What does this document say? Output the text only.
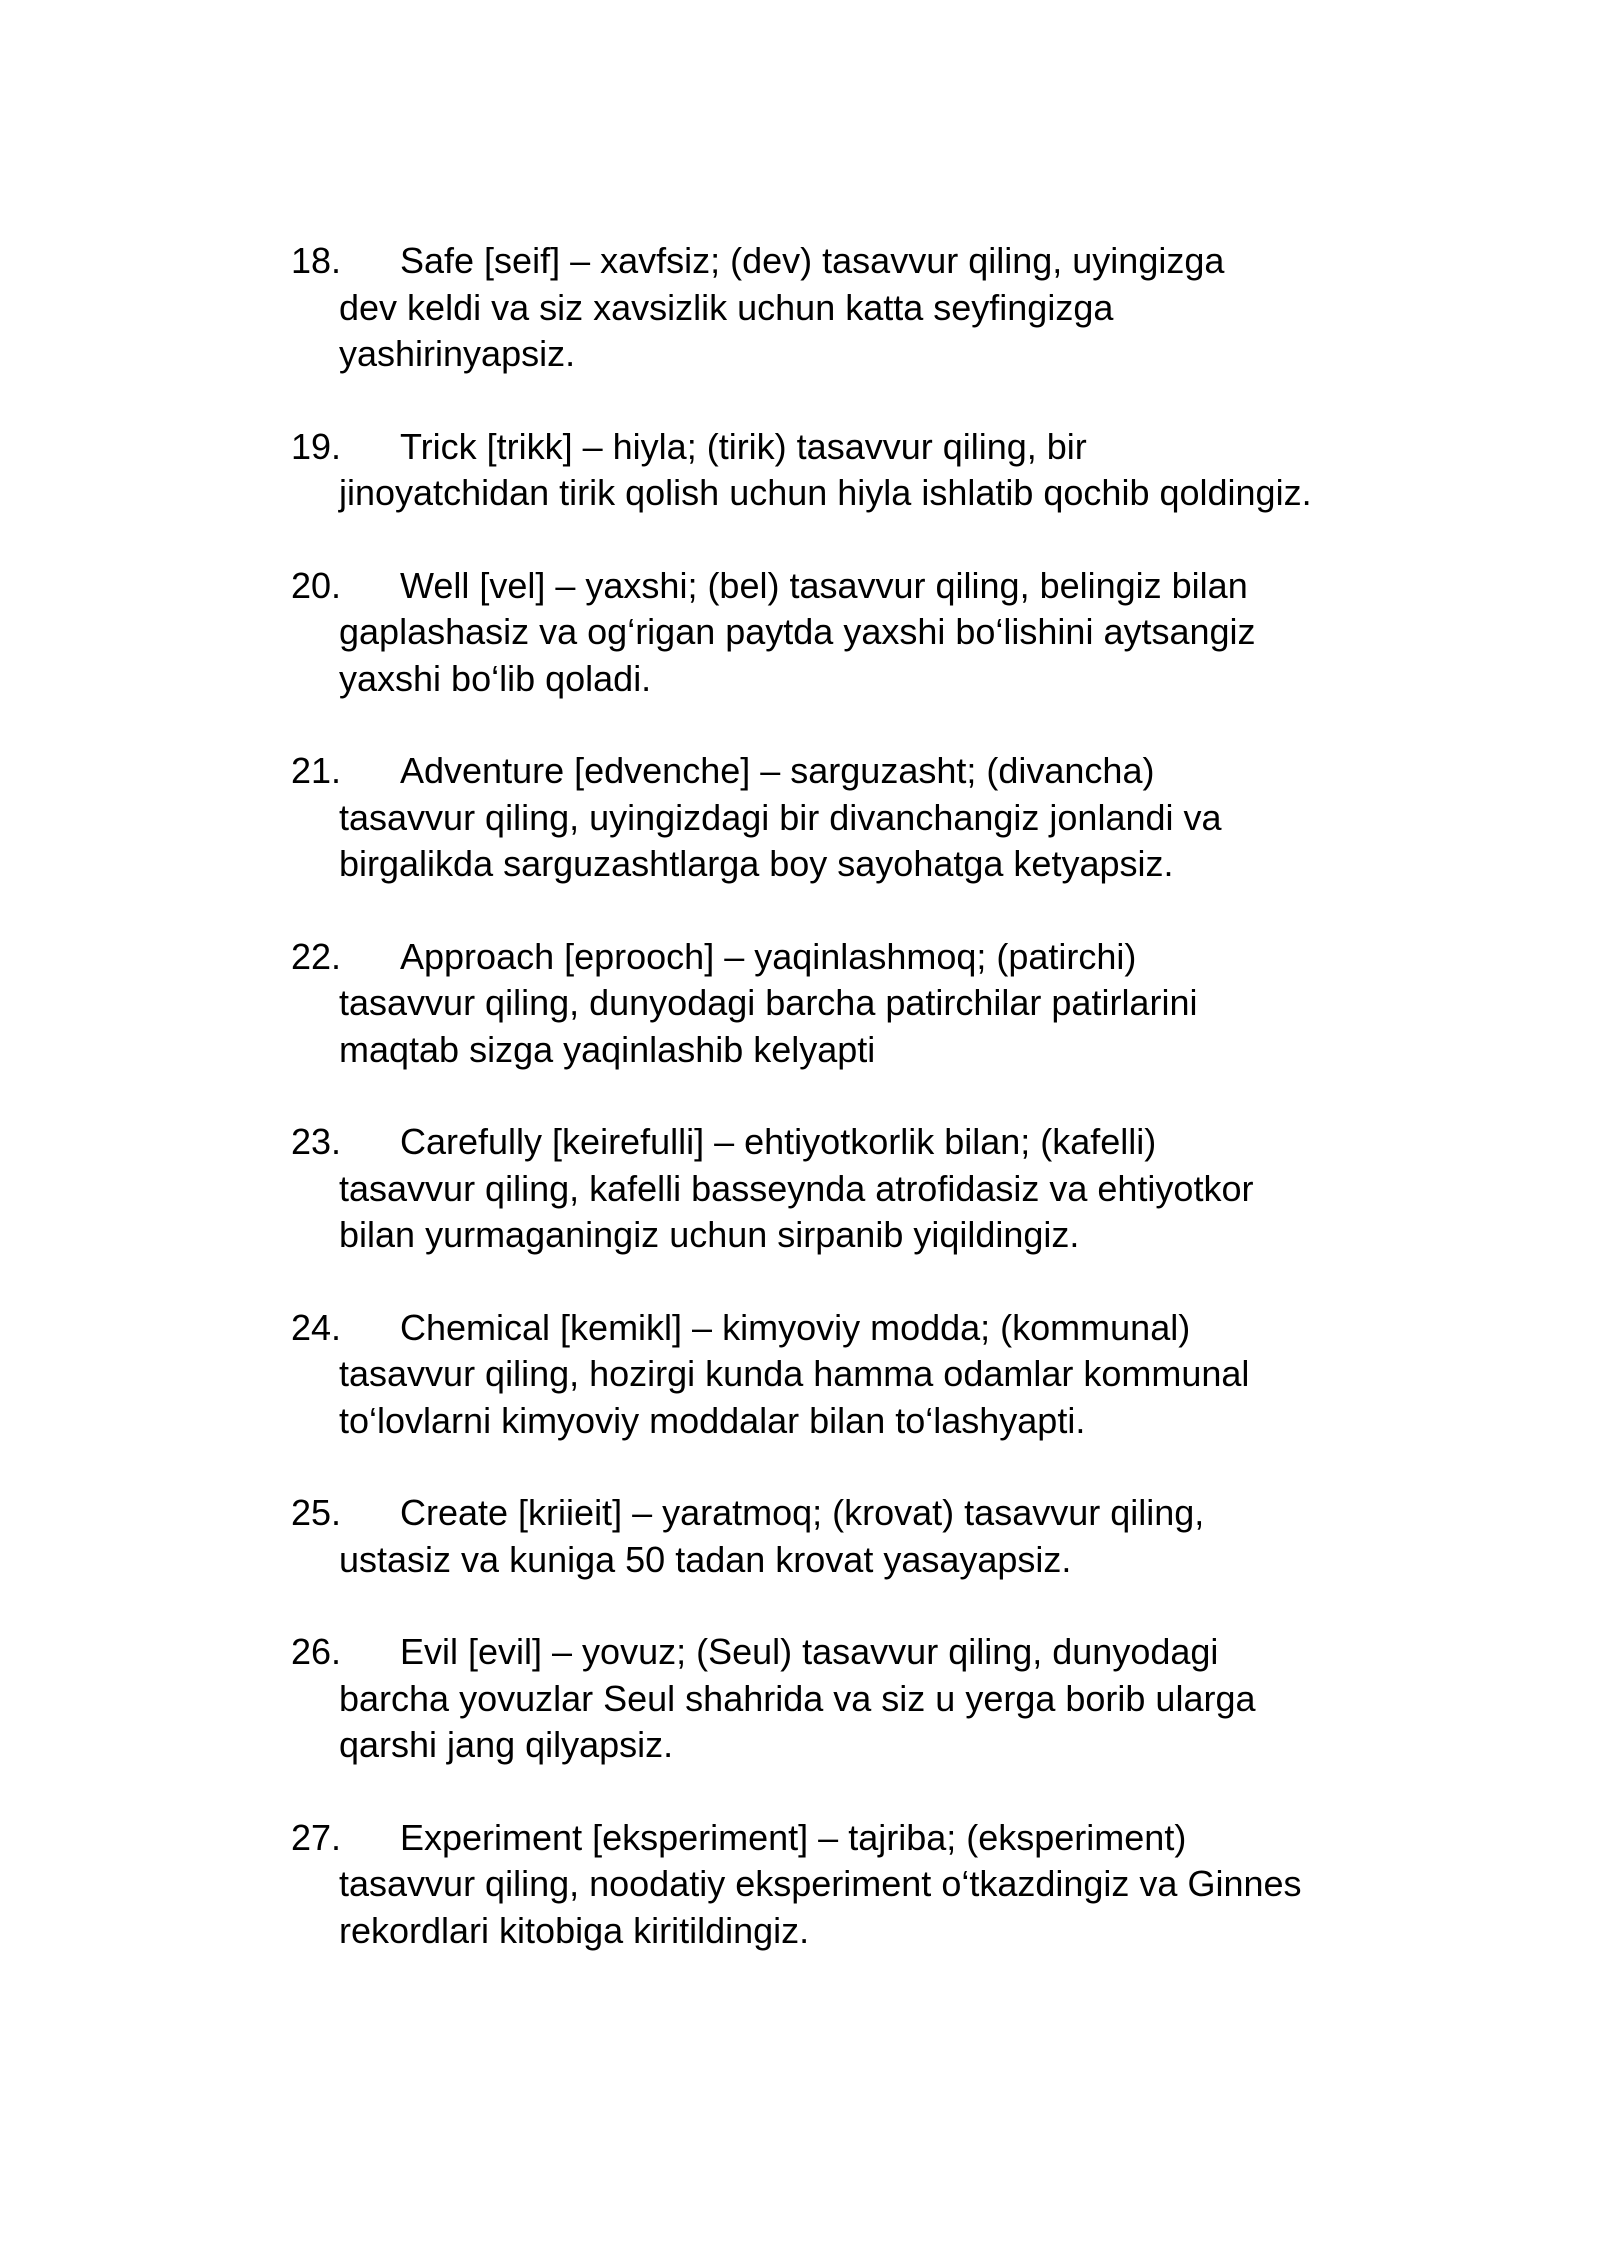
18.	Safe [seif] – xavfsiz; (dev) tasavvur qiling, uyingizga
dev keldi va siz xavsizlik uchun katta seyfingizga
yashirinyapsiz.
19.	Trick [trikk] – hiyla; (tirik) tasavvur qiling, bir
jinoyatchidan tirik qolish uchun hiyla ishlatib qochib qoldingiz.
20.	Well [vel] – yaxshi; (bel) tasavvur qiling, belingiz bilan
gaplashasiz va og‘rigan paytda yaxshi bo‘lishini aytsangiz
yaxshi bo‘lib qoladi.
21.	Adventure [edvenche] – sarguzasht; (divancha)
tasavvur qiling, uyingizdagi bir divanchangiz jonlandi va
birgalikda sarguzashtlarga boy sayohatga ketyapsiz.
22.	Approach [eprooch] – yaqinlashmoq; (patirchi)
tasavvur qiling, dunyodagi barcha patirchilar patirlarini
maqtab sizga yaqinlashib kelyapti
23.	Carefully [keirefulli] – ehtiyotkorlik bilan; (kafelli)
tasavvur qiling, kafelli basseynda atrofidasiz va ehtiyotkor
bilan yurmaganingiz uchun sirpanib yiqildingiz.
24.	Chemical [kemikl] – kimyoviy modda; (kommunal)
tasavvur qiling, hozirgi kunda hamma odamlar kommunal
to‘lovlarni kimyoviy moddalar bilan to‘lashyapti.
25.	Create [kriieit] – yaratmoq; (krovat) tasavvur qiling,
ustasiz va kuniga 50 tadan krovat yasayapsiz.
26.	Evil [evil] – yovuz; (Seul) tasavvur qiling, dunyodagi
barcha yovuzlar Seul shahrida va siz u yerga borib ularga
qarshi jang qilyapsiz.
27.	Experiment [eksperiment] – tajriba; (eksperiment)
tasavvur qiling, noodatiy eksperiment o‘tkazdingiz va Ginnes
rekordlari kitobiga kiritildingiz.
